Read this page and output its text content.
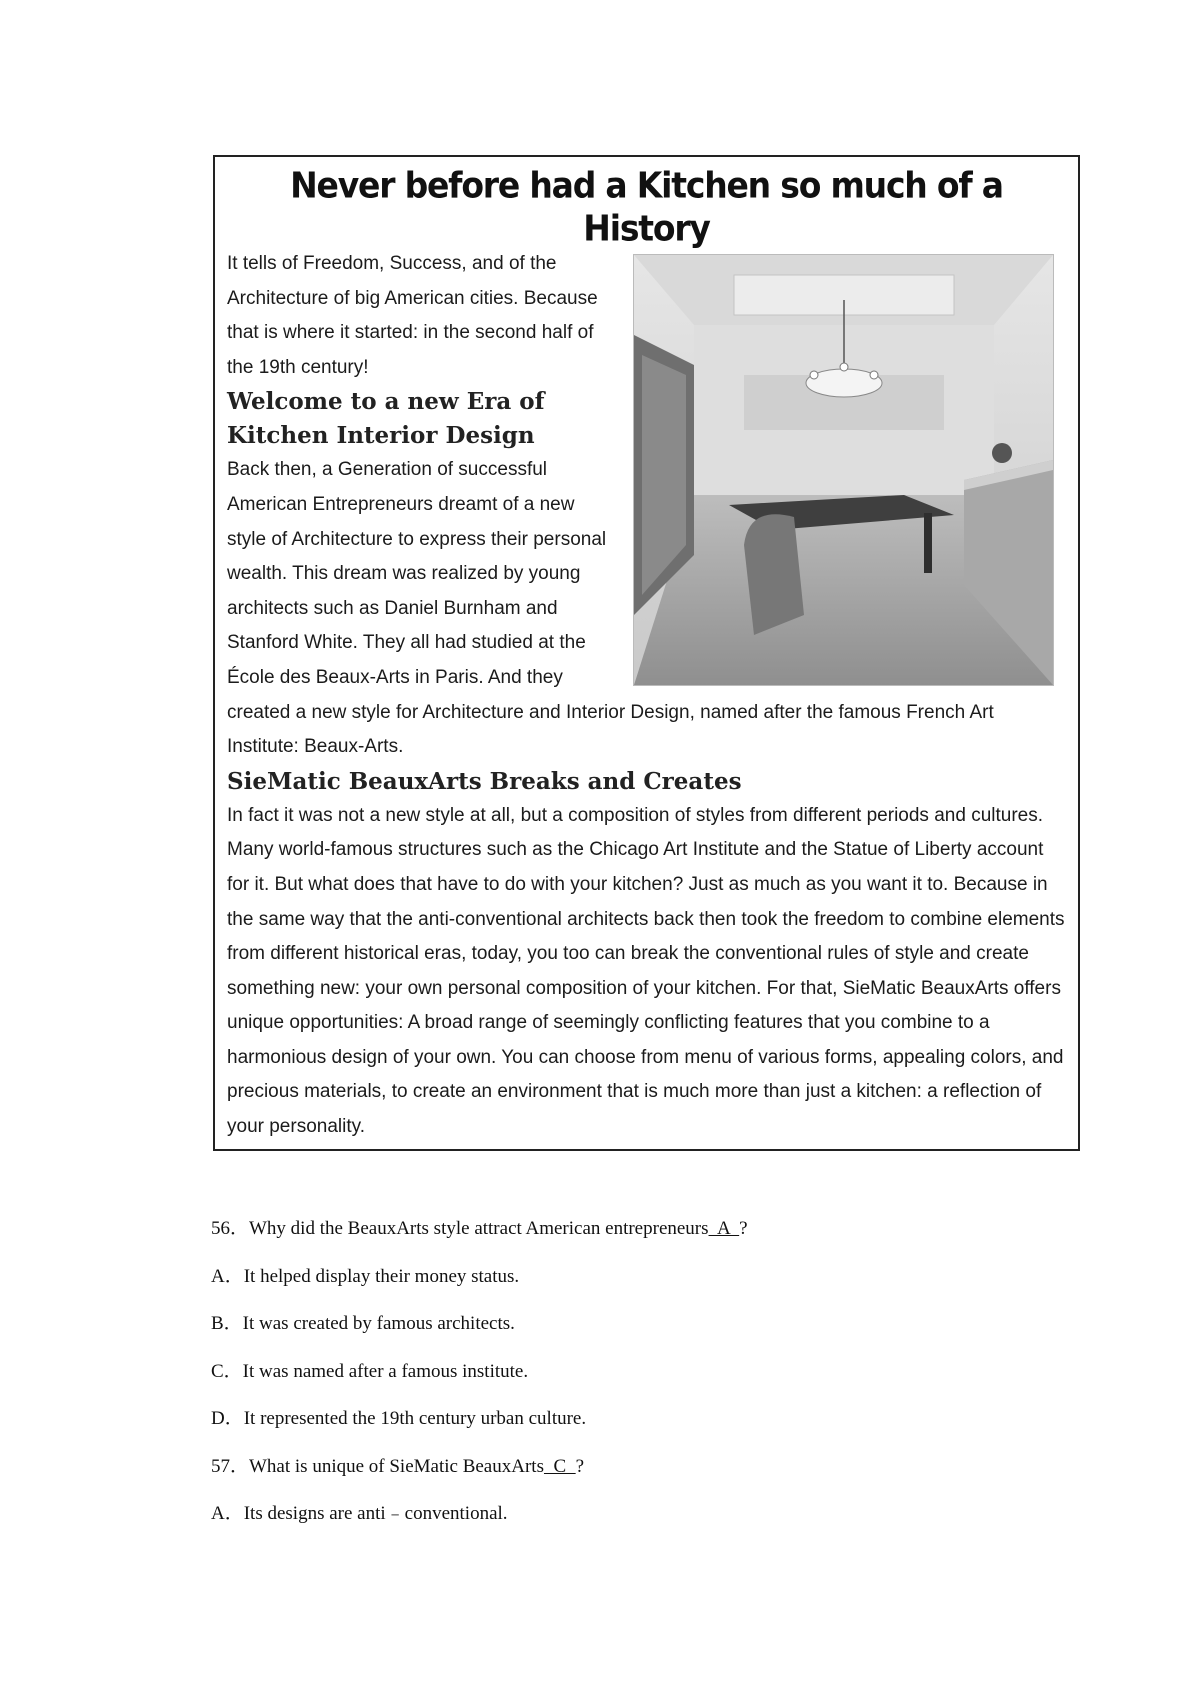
Never before had a Kitchen so much of a History

It tells of Freedom, Success, and of the Architecture of big American cities. Because that is where it started: in the second half of the 19th century!

Welcome to a new Era of Kitchen Interior Design

Back then, a Generation of successful American Entrepreneurs dreamt of a new style of Architecture to express their personal wealth. This dream was realized by young architects such as Daniel Burnham and Stanford White. They all had studied at the École des Beaux-Arts in Paris. And they created a new style for Architecture and Interior Design, named after the famous French Art Institute: Beaux-Arts.

SieMatic BeauxArts Breaks and Creates

In fact it was not a new style at all, but a composition of styles from different periods and cultures. Many world-famous structures such as the Chicago Art Institute and the Statue of Liberty account for it. But what does that have to do with your kitchen? Just as much as you want it to. Because in the same way that the anti-conventional architects back then took the freedom to combine elements from different historical eras, today, you too can break the conventional rules of style and create something new: your own personal composition of your kitchen. For that, SieMatic BeauxArts offers unique opportunities: A broad range of seemingly conflicting features that you combine to a harmonious design of your own. You can choose from menu of various forms, appealing colors, and precious materials, to create an environment that is much more than just a kitchen: a reflection of your personality.

56．Why did the BeauxArts style attract American entrepreneurs  A  ?
A．It helped display their money status.
B．It was created by famous architects.
C．It was named after a famous institute.
D．It represented the 19th century urban culture.
57．What is unique of SieMatic BeauxArts  C  ?
A．Its designs are anti﹣conventional.
